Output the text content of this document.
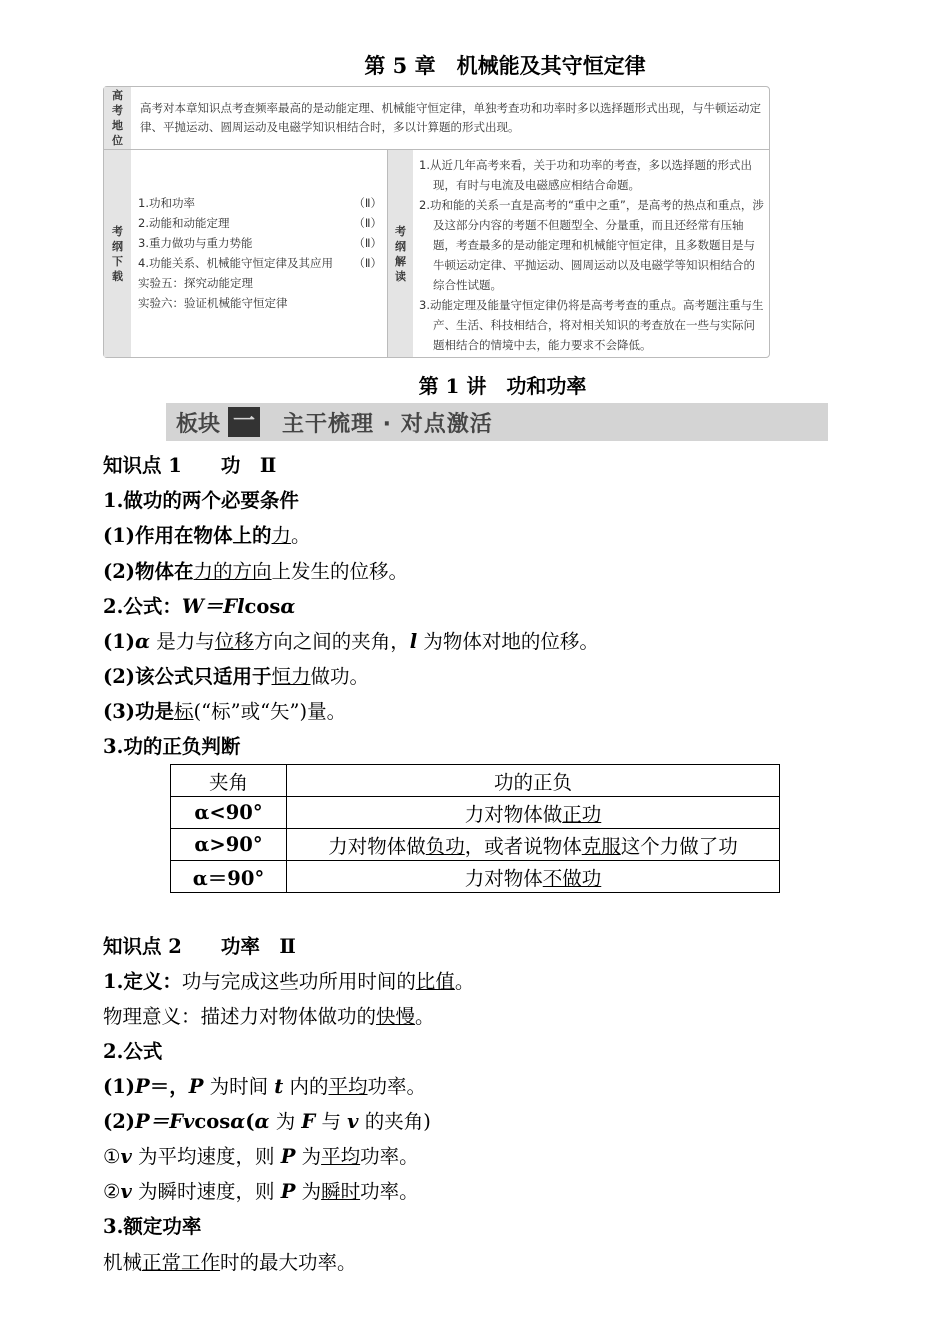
第 5 章　机械能及其守恒定律
高
考
地
位
高考对本章知识点考查频率最高的是动能定理、机械能守恒定律，单独考查功和功率时多以选择题形式出现，与牛顿运动定律、平抛运动、圆周运动及电磁学知识相结合时，多以计算题的形式出现。
考
纲
下
载
1.功和功率	（Ⅱ）
2.动能和动能定理	（Ⅱ）
3.重力做功与重力势能	（Ⅱ）
4.功能关系、机械能守恒定律及其应用 （Ⅱ）
实验五：探究动能定理
实验六：验证机械能守恒定律
考
纲
解
读
1.从近几年高考来看，关于功和功率的考查，多以选择题的形式出现，有时与电流及电磁感应相结合命题。
2.功和能的关系一直是高考的“重中之重”，是高考的热点和重点，涉及这部分内容的考题不但题型全、分量重，而且还经常有压轴题，考查最多的是动能定理和机械能守恒定律，且多数题目是与牛顿运动定律、平抛运动、圆周运动以及电磁学等知识相结合的综合性试题。
3.动能定理及能量守恒定律仍将是高考考查的重点。高考题注重与生产、生活、科技相结合，将对相关知识的考查放在一些与实际问题相结合的情境中去，能力要求不会降低。
第 1 讲　功和功率
板块 一 主干梳理 · 对点激活
知识点 1　　功　Ⅱ
1.做功的两个必要条件
(1)作用在物体上的力。
(2)物体在力的方向上发生的位移。
2.公式：W＝Flcosα
(1)α 是力与位移方向之间的夹角，l 为物体对地的位移。
(2)该公式只适用于恒力做功。
(3)功是标(“标”或“矢”)量。
3.功的正负判断
夹角	功的正负
α<90°	力对物体做正功
α>90°	力对物体做负功，或者说物体克服这个力做了功
α＝90°	力对物体不做功
知识点 2　　功率　Ⅱ
1.定义：功与完成这些功所用时间的比值。
物理意义：描述力对物体做功的快慢。
2.公式
(1)P＝，P 为时间 t 内的平均功率。
(2)P＝Fvcosα(α 为 F 与 v 的夹角)
①v 为平均速度，则 P 为平均功率。
②v 为瞬时速度，则 P 为瞬时功率。
3.额定功率
机械正常工作时的最大功率。
